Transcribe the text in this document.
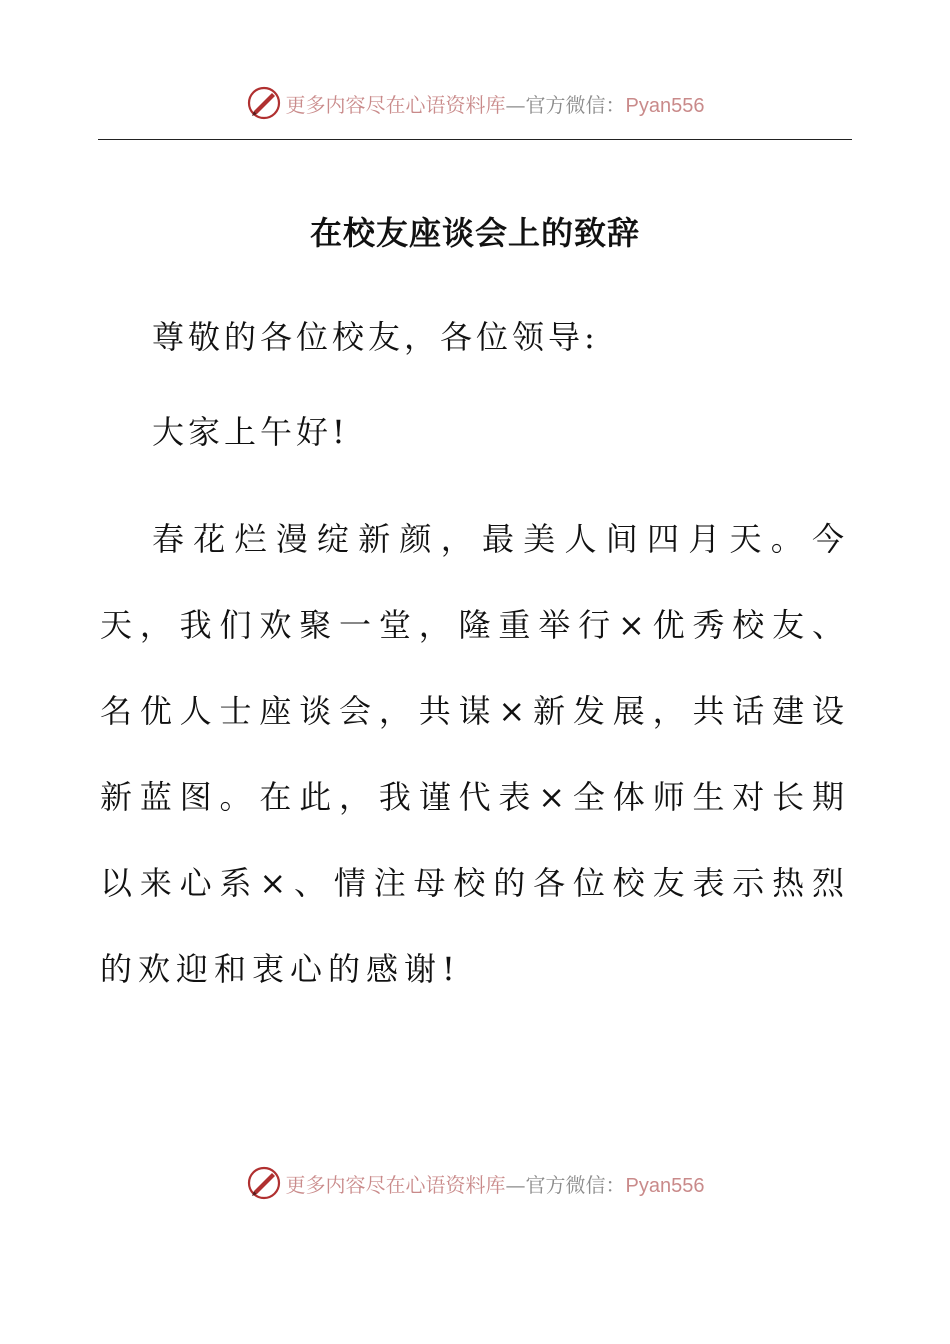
更多内容尽在心语资料库—官方微信：Pyan556
在校友座谈会上的致辞
尊敬的各位校友，各位领导:
大家上午好!
春花烂漫绽新颜，最美人间四月天。今天，我们欢聚一堂，隆重举行×优秀校友、名优人士座谈会，共谋×新发展，共话建设新蓝图。在此，我谨代表×全体师生对长期以来心系×、情注母校的各位校友表示热烈的欢迎和衷心的感谢!
更多内容尽在心语资料库—官方微信：Pyan556
